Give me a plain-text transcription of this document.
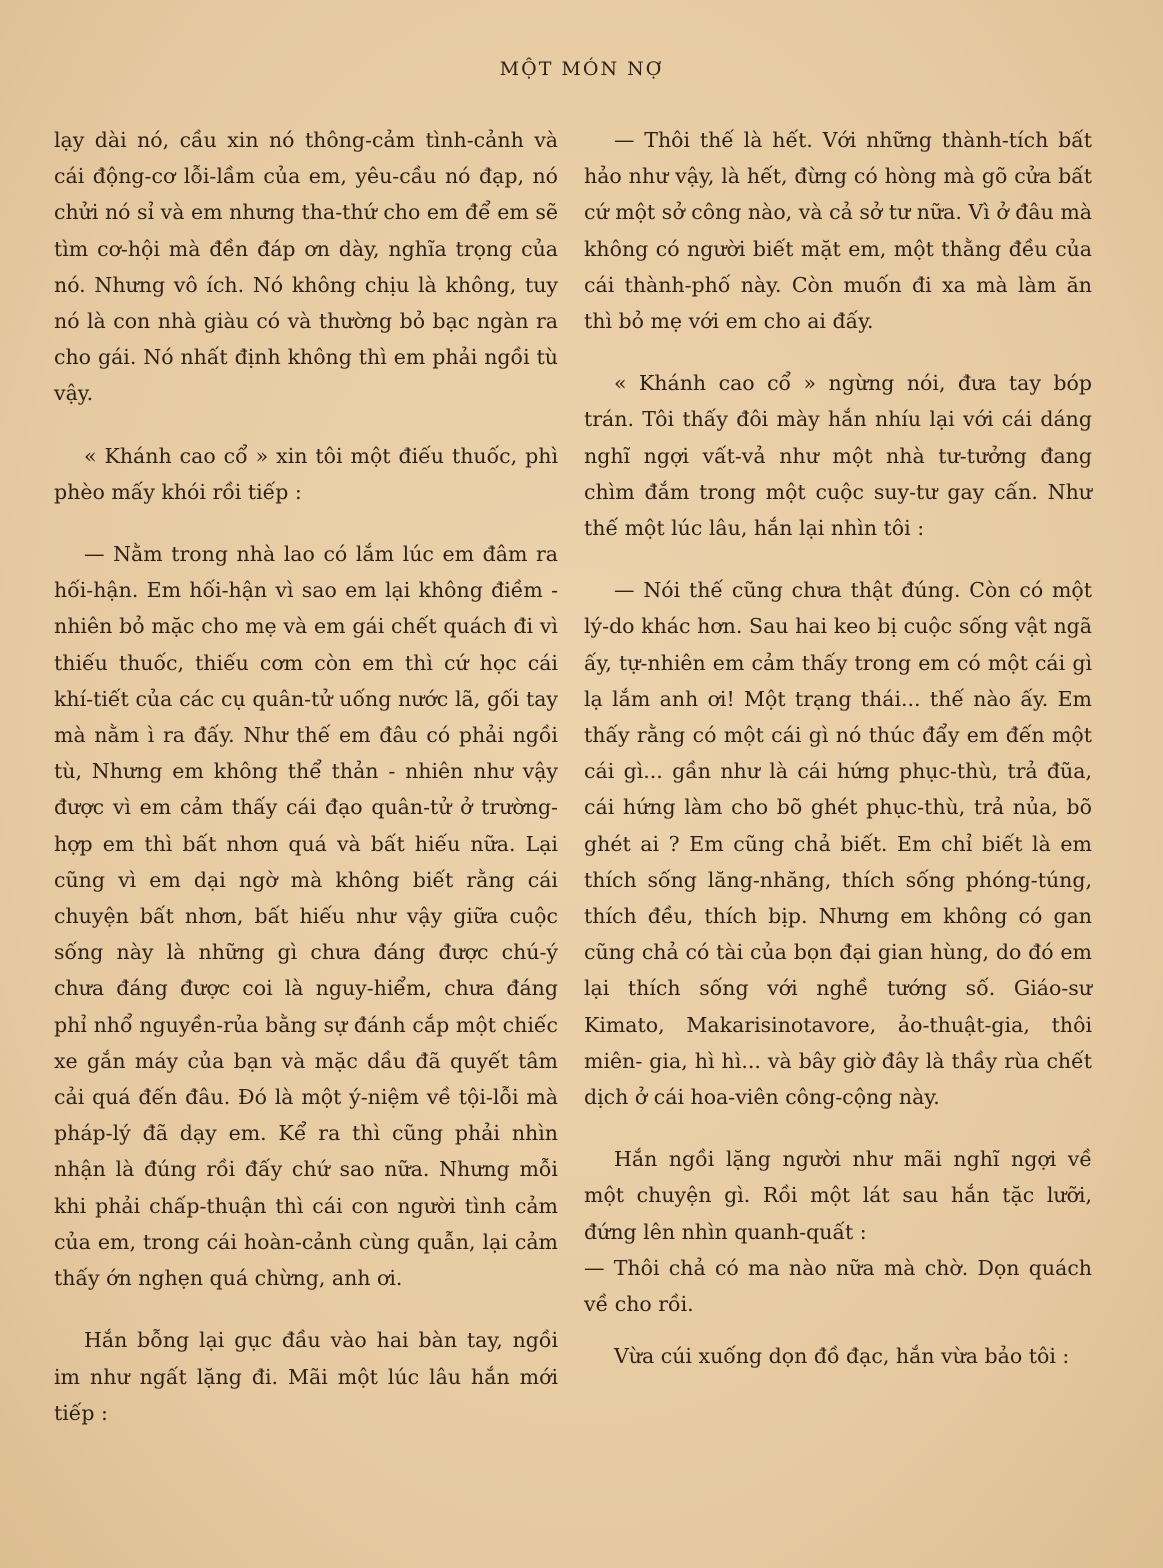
MỘT MÓN NỢ

lạy dài nó, cầu xin nó thông-cảm tình-cảnh và cái động-cơ lỗi-lầm của em, yêu-cầu nó đạp, nó chửi nó sỉ và em nhưng tha-thứ cho em để em sẽ tìm cơ-hội mà đền đáp ơn dày, nghĩa trọng của nó. Nhưng vô ích. Nó không chịu là không, tuy nó là con nhà giàu có và thường bỏ bạc ngàn ra cho gái. Nó nhất định không thì em phải ngồi tù vậy.

« Khánh cao cổ » xin tôi một điếu thuốc, phì phèo mấy khói rồi tiếp :

— Nằm trong nhà lao có lắm lúc em đâm ra hối-hận. Em hối-hận vì sao em lại không điềm - nhiên bỏ mặc cho mẹ và em gái chết quách đi vì thiếu thuốc, thiếu cơm còn em thì cứ học cái khí-tiết của các cụ quân-tử uống nước lã, gối tay mà nằm ì ra đấy. Như thế em đâu có phải ngồi tù, Nhưng em không thể thản - nhiên như vậy được vì em cảm thấy cái đạo quân-tử ở trường-hợp em thì bất nhơn quá và bất hiếu nữa. Lại cũng vì em dại ngờ mà không biết rằng cái chuyện bất nhơn, bất hiếu như vậy giữa cuộc sống này là những gì chưa đáng được chú-ý chưa đáng được coi là nguy-hiểm, chưa đáng phỉ nhổ nguyền-rủa bằng sự đánh cắp một chiếc xe gắn máy của bạn và mặc dầu đã quyết tâm cải quá đến đâu. Đó là một ý-niệm về tội-lỗi mà pháp-lý đã dạy em. Kể ra thì cũng phải nhìn nhận là đúng rồi đấy chứ sao nữa. Nhưng mỗi khi phải chấp-thuận thì cái con người tình cảm của em, trong cái hoàn-cảnh cùng quẫn, lại cảm thấy ớn nghẹn quá chừng, anh ơi.

Hắn bỗng lại gục đầu vào hai bàn tay, ngồi im như ngất lặng đi. Mãi một lúc lâu hắn mới tiếp :

— Thôi thế là hết. Với những thành-tích bất hảo như vậy, là hết, đừng có hòng mà gõ cửa bất cứ một sở công nào, và cả sở tư nữa. Vì ở đâu mà không có người biết mặt em, một thằng đều của cái thành-phố này. Còn muốn đi xa mà làm ăn thì bỏ mẹ với em cho ai đấy.

« Khánh cao cổ » ngừng nói, đưa tay bóp trán. Tôi thấy đôi mày hắn nhíu lại với cái dáng nghĩ ngợi vất-vả như một nhà tư-tưởng đang chìm đắm trong một cuộc suy-tư gay cấn. Như thế một lúc lâu, hắn lại nhìn tôi :

— Nói thế cũng chưa thật đúng. Còn có một lý-do khác hơn. Sau hai keo bị cuộc sống vật ngã ấy, tự-nhiên em cảm thấy trong em có một cái gì lạ lắm anh ơi! Một trạng thái... thế nào ấy. Em thấy rằng có một cái gì nó thúc đẩy em đến một cái gì... gần như là cái hứng phục-thù, trả đũa, cái hứng làm cho bõ ghét phục-thù, trả nủa, bõ ghét ai ? Em cũng chả biết. Em chỉ biết là em thích sống lăng-nhăng, thích sống phóng-túng, thích đều, thích bịp. Nhưng em không có gan cũng chả có tài của bọn đại gian hùng, do đó em lại thích sống với nghề tướng số. Giáo-sư Kimato, Makarisinotavore, ảo-thuật-gia, thôi miên- gia, hì hì... và bây giờ đây là thầy rùa chết dịch ở cái hoa-viên công-cộng này.

Hắn ngồi lặng người như mãi nghĩ ngợi về một chuyện gì. Rồi một lát sau hắn tặc lưỡi, đứng lên nhìn quanh-quất :

— Thôi chả có ma nào nữa mà chờ. Dọn quách về cho rồi.

Vừa cúi xuống dọn đồ đạc, hắn vừa bảo tôi :
